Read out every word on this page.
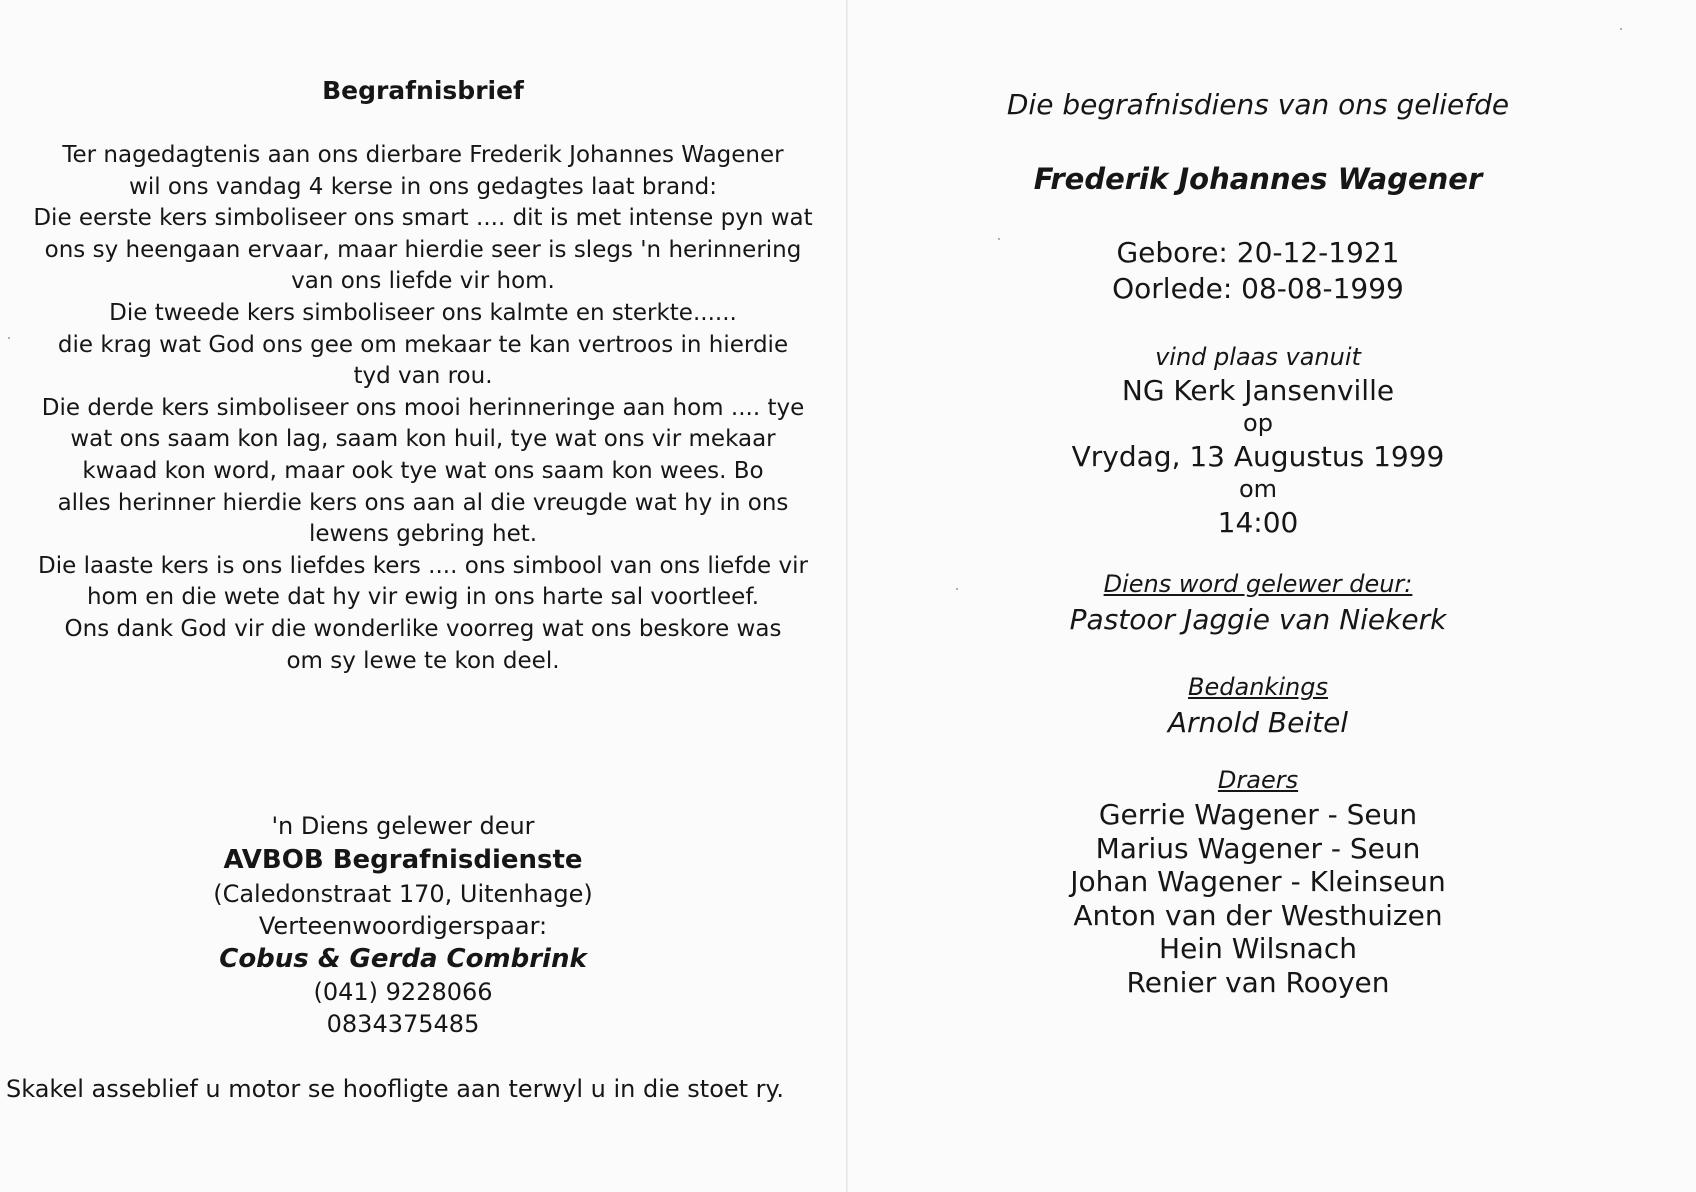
Begrafnisbrief
Ter nagedagtenis aan ons dierbare Frederik Johannes Wagener
wil ons vandag 4 kerse in ons gedagtes laat brand:
Die eerste kers simboliseer ons smart .... dit is met intense pyn wat
ons sy heengaan ervaar, maar hierdie seer is slegs 'n herinnering
van ons liefde vir hom.
Die tweede kers simboliseer ons kalmte en sterkte......
die krag wat God ons gee om mekaar te kan vertroos in hierdie
tyd van rou.
Die derde kers simboliseer ons mooi herinneringe aan hom .... tye
wat ons saam kon lag, saam kon huil, tye wat ons vir mekaar
kwaad kon word, maar ook tye wat ons saam kon wees. Bo
alles herinner hierdie kers ons aan al die vreugde wat hy in ons
lewens gebring het.
Die laaste kers is ons liefdes kers .... ons simbool van ons liefde vir
hom en die wete dat hy vir ewig in ons harte sal voortleef.
Ons dank God vir die wonderlike voorreg wat ons beskore was
om sy lewe te kon deel.
'n Diens gelewer deur
AVBOB Begrafnisdienste
(Caledonstraat 170, Uitenhage)
Verteenwoordigerspaar:
Cobus & Gerda Combrink
(041) 9228066
0834375485
Skakel asseblief u motor se hoofligte aan terwyl u in die stoet ry.
Die begrafnisdiens van ons geliefde
Frederik Johannes Wagener
Gebore: 20-12-1921
Oorlede: 08-08-1999
vind plaas vanuit
NG Kerk Jansenville
op
Vrydag, 13 Augustus 1999
om
14:00
Diens word gelewer deur:
Pastoor Jaggie van Niekerk
Bedankings
Arnold Beitel
Draers
Gerrie Wagener - Seun
Marius Wagener - Seun
Johan Wagener - Kleinseun
Anton van der Westhuizen
Hein Wilsnach
Renier van Rooyen
